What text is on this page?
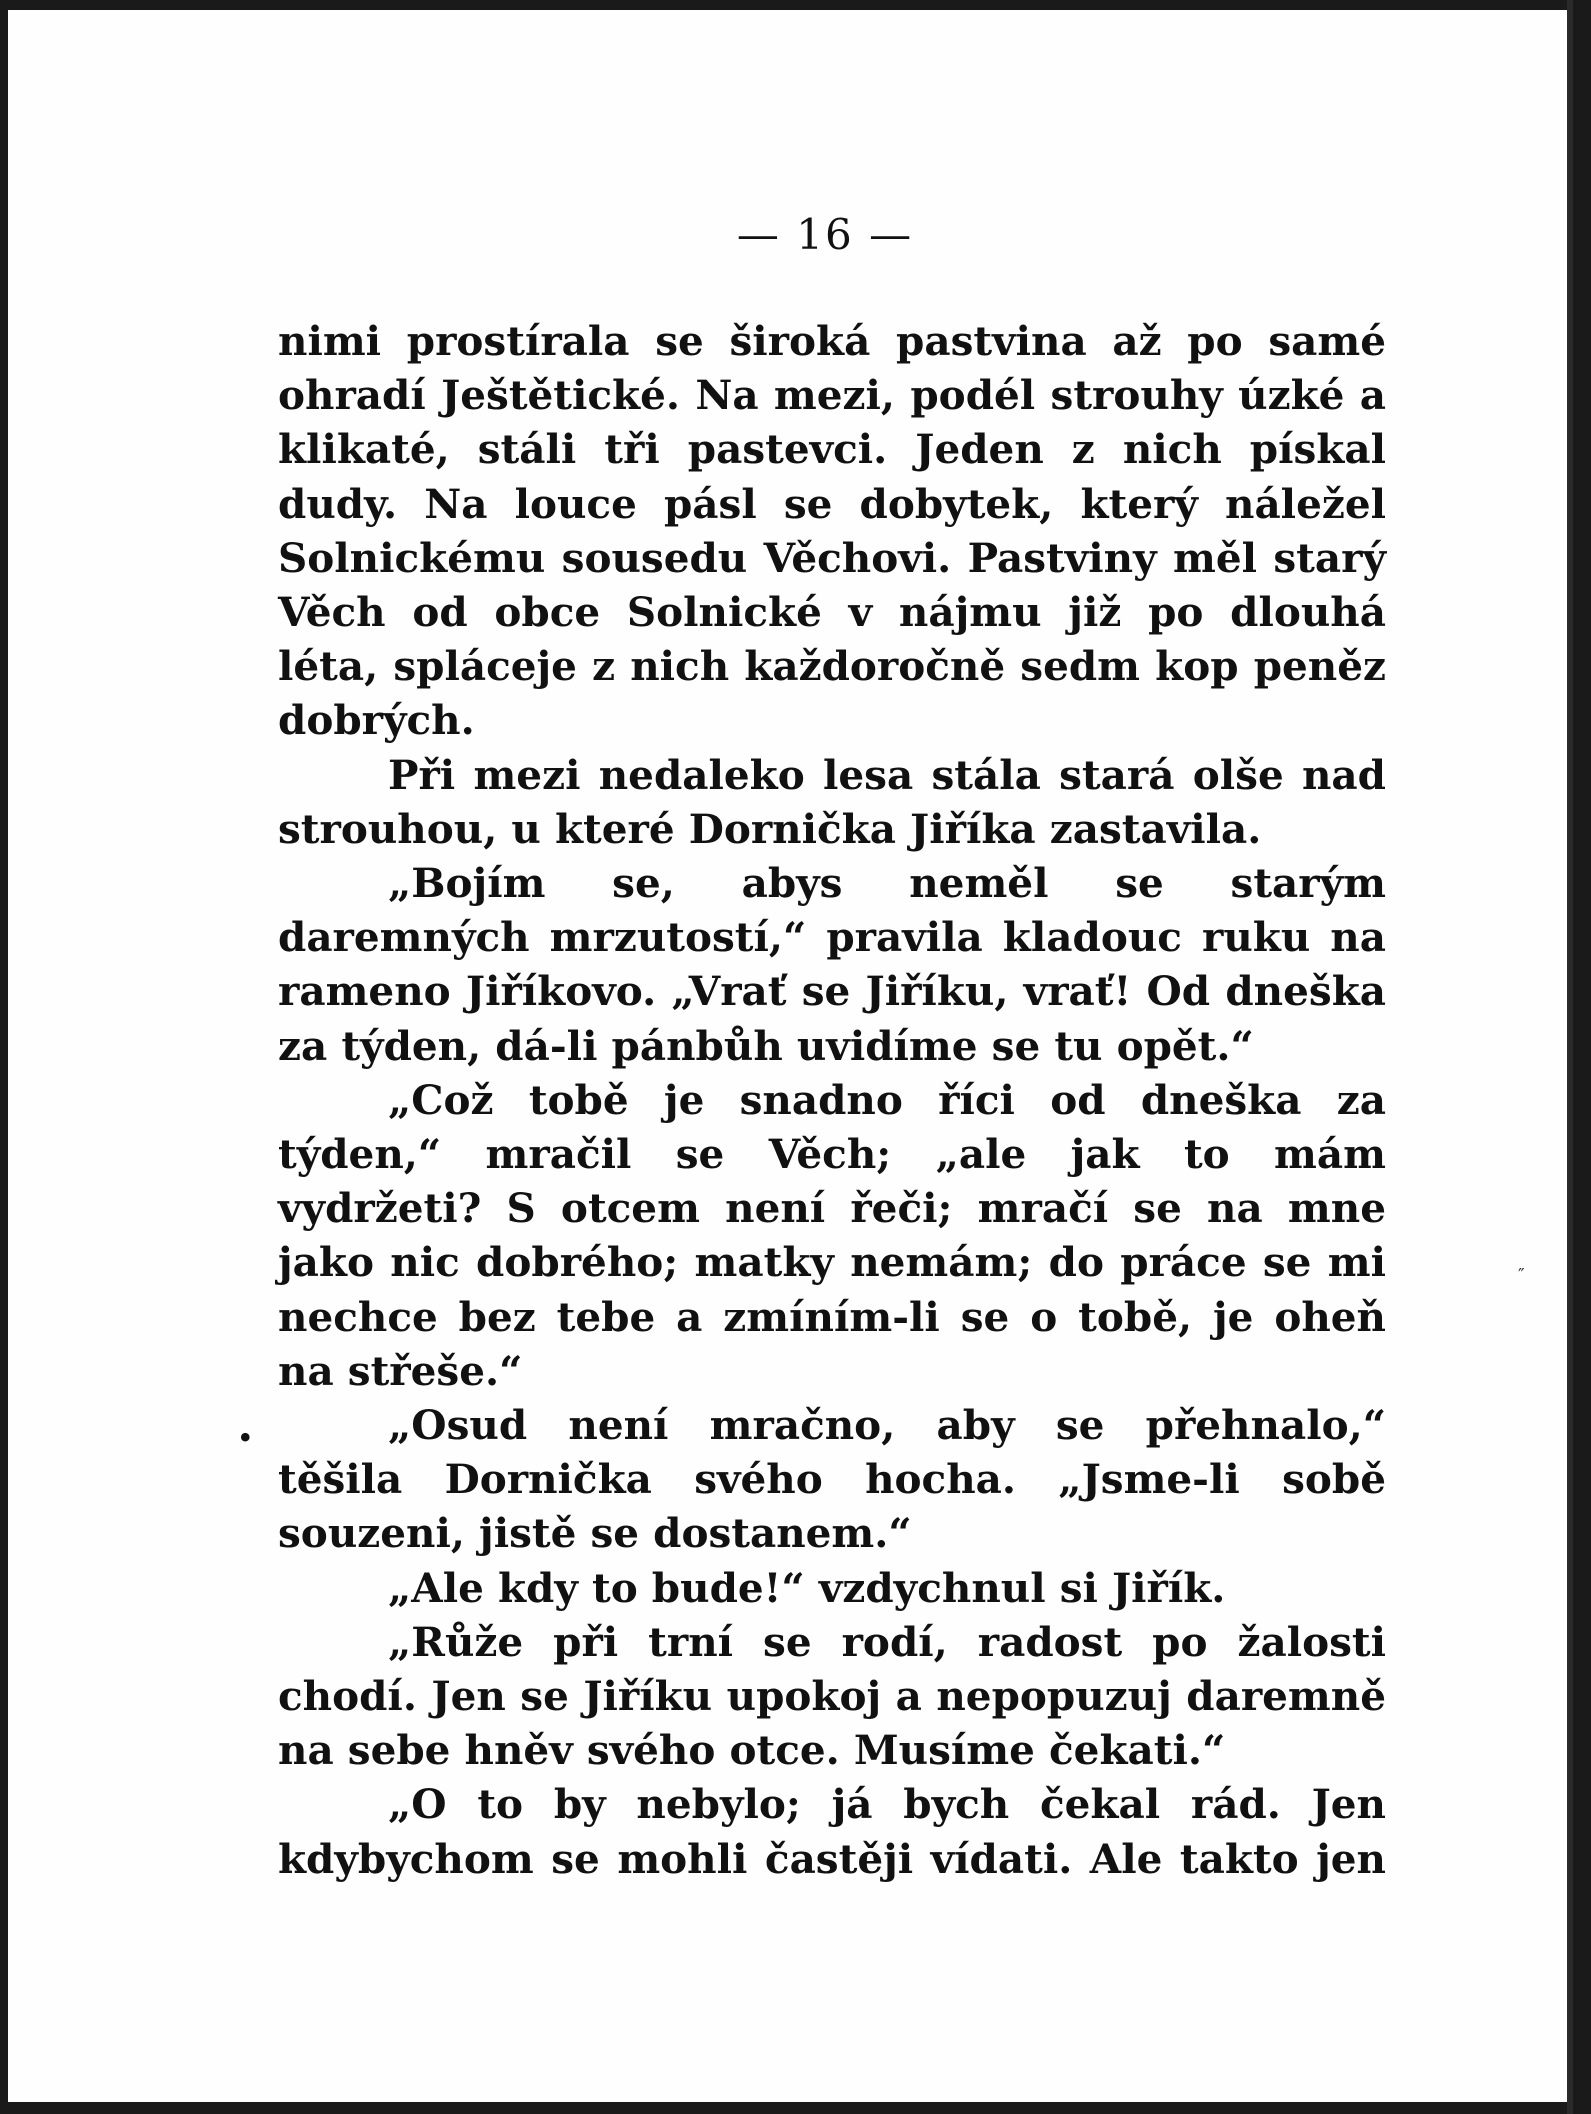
— 16 —

nimi prostírala se široká pastvina až po samé ohradí Ještětické. Na mezi, podél strouhy úzké a klikaté, stáli tři pastevci. Jeden z nich pískal dudy. Na louce pásl se dobytek, který náležel Solnickému sousedu Věchovi. Pastviny měl starý Věch od obce Solnické v nájmu již po dlouhá léta, spláceje z nich každoročně sedm kop peněz dobrých.

Při mezi nedaleko lesa stála stará olše nad strouhou, u které Dornička Jiříka zastavila.

„Bojím se, abys neměl se starým daremných mrzutostí,“ pravila kladouc ruku na rameno Jiříkovo. „Vrať se Jiříku, vrať! Od dneška za týden, dá-li pánbůh uvidíme se tu opět.“

„Což tobě je snadno říci od dneška za týden,“ mračil se Věch; „ale jak to mám vydržeti? S otcem není řeči; mračí se na mne jako nic dobrého; matky nemám; do práce se mi nechce bez tebe a zmíním-li se o tobě, je oheň na střeše.“

„Osud není mračno, aby se přehnalo,“ těšila Dornička svého hocha. „Jsme-li sobě souzeni, jistě se dostanem.“

„Ale kdy to bude!“ vzdychnul si Jiřík.

„Růže při trní se rodí, radost po žalosti chodí. Jen se Jiříku upokoj a nepopuzuj daremně na sebe hněv svého otce. Musíme čekati.“

„O to by nebylo; já bych čekal rád. Jen kdybychom se mohli častěji vídati. Ale takto jen

∙
″
